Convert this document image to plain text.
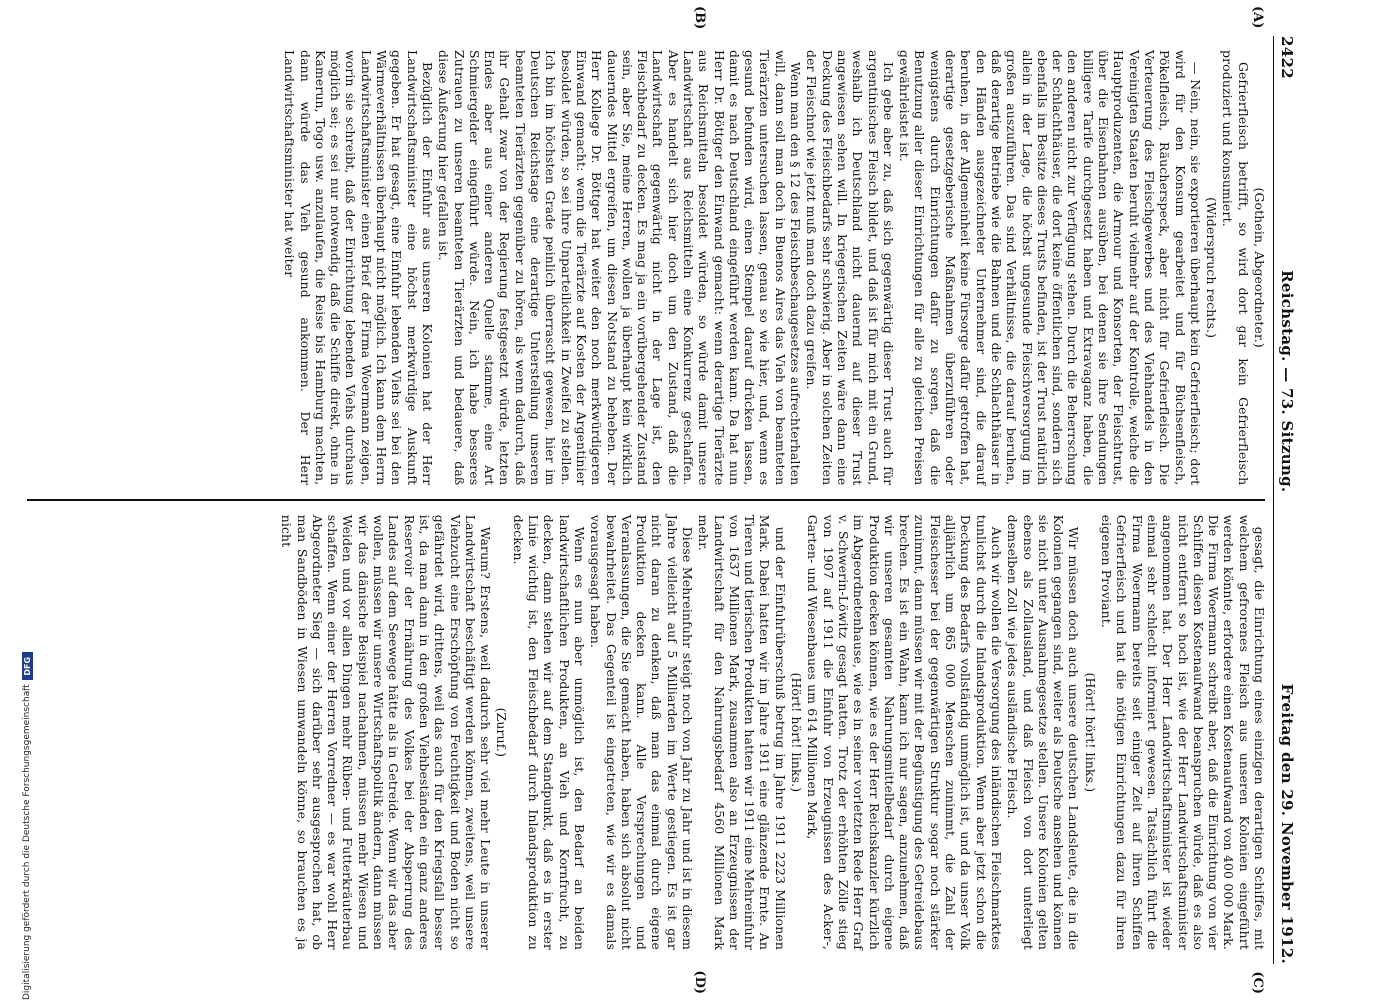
2422
Reichstag. — 73. Sitzung.
Freitag den 29. November 1912.
(A)
(B)
(C)
(D)

(Gothein, Abgeordneter.)

Gefrierfleisch betrifft, so wird dort gar kein Gefrierfleisch produziert und konsumiert.

(Widerspruch rechts.)

— Nein, nein, sie exportieren überhaupt kein Gefrierfleisch; dort wird für den Konsum gearbeitet und für Büchsenfleisch, Pökelfleisch, Räucherspeck, aber nicht für Gefrierfleisch. Die Verteuerung des Fleischgewerbes und des Viehhandels in den Vereinigten Staaten beruht vielmehr auf der Kontrolle, welche die Hauptproduzenten, die Armour und Konsorten, der Fleischtrust, über die Eisenbahnen ausüben, bei denen sie ihre Sendungen billigere Tarife durchgesetzt haben und Extravaganz haben, die den anderen nicht zur Verfügung stehen. Durch die Beherrschung der Schlachthäuser, die dort keine öffentlichen sind, sondern sich ebenfalls im Besitze dieses Trusts befinden, ist der Trust natürlich allein in der Lage, die höchst ungesunde Fleischversorgung im großen auszuführen. Das sind Verhältnisse, die darauf beruhen, daß derartige Betriebe wie die Bahnen und die Schlachthäuser in den Händen ausgezeichneter Unternehmer sind, die darauf beruhen, in der Allgemeinheit keine Fürsorge dafür getroffen hat, derartige gesetzgeberische Maßnahmen überzuführen oder wenigstens durch Einrichtungen dafür zu sorgen, daß die Benutzung aller dieser Einrichtungen für alle zu gleichen Preisen gewährleistet ist.

Ich gebe aber zu, daß sich gegenwärtig dieser Trust auch für argentinisches Fleisch bildet, und daß ist für mich mit ein Grund, weshalb ich Deutschland nicht dauernd auf dieser Trust angewiesen sehen will. In kriegerischen Zeiten wäre dann eine Deckung des Fleischbedarfs sehr schwierig. Aber in solchen Zeiten der Fleischnot wie jetzt muß man doch dazu greifen.

Wenn man den § 12 des Fleischbeschaugesetzes aufrechterhalten will, dann soll man doch in Buenos Aires das Vieh von beamteten Tierärzten untersuchen lassen, genau so wie hier, und, wenn es gesund befunden wird, einen Stempel darauf drücken lassen, damit es nach Deutschland eingeführt werden kann. Da hat nun Herr Dr. Böttger den Einwand gemacht: wenn derartige Tierärzte aus Reichsmitteln besoldet würden, so würde damit unsere Landwirtschaft aus Reichsmitteln eine Konkurrenz geschaffen. Aber es handelt sich hier doch um den Zustand, daß die Landwirtschaft gegenwärtig nicht in der Lage ist, den Fleischbedarf zu decken. Es mag ja ein vorübergehender Zustand sein, aber Sie, meine Herren, wollen ja überhaupt kein wirklich dauerndes Mittel ergreifen, um diesen Notstand zu beheben. Der Herr Kollege Dr. Böttger hat weiter den noch merkwürdigeren Einwand gemacht: wenn die Tierärzte auf Kosten der Argentinier besoldet würden, so sei ihre Unparteilichkeit in Zweifel zu stellen. Ich bin im höchsten Grade peinlich überrascht gewesen, hier im Deutschen Reichstage eine derartige Unterstellung unseren beamteten Tierärzten gegenüber zu hören, als wenn dadurch, daß ihr Gehalt zwar von der Regierung festgesetzt würde, letzten Endes aber aus einer anderen Quelle stamme, eine Art Schmiergelder eingeführt würde. Nein, ich habe besseres Zutrauen zu unseren beamteten Tierärzten und bedauere, daß diese Äußerung hier gefallen ist.

Bezüglich der Einfuhr aus unseren Kolonien hat der Herr Landwirtschaftsminister eine höchst merkwürdige Auskunft gegeben. Er hat gesagt, eine Einfuhr lebenden Viehs sei bei den Wärmeverhältnissen überhaupt nicht möglich. Ich kann dem Herrn Landwirtschaftsminister einen Brief der Firma Woermann zeigen, worin sie schreibt, daß der Einrichtung lebenden Viehs durchaus möglich sei; es sei nur notwendig, daß die Schiffe direkt, ohne in Kamerun, Togo usw. anzulaufen, die Reise bis Hamburg machten, dann würde das Vieh gesund ankommen. Der Herr Landwirtschaftsminister hat weiter

gesagt, die Einrichtung eines einzigen derartigen Schiffes, mit welchem gefrorenes Fleisch aus unseren Kolonien eingeführt werden könnte, erfordere einen Kostenaufwand von 400 000 Mark. Die Firma Woermann schreibt aber, daß die Einrichtung von vier Schiffen diesen Kostenaufwand beanspruchen würde, daß es also nicht entfernt so hoch ist, wie der Herr Landwirtschaftsminister angenommen hat. Der Herr Landwirtschaftsminister ist wieder einmal sehr schlecht informiert gewesen. Tatsächlich führt die Firma Woermann bereits seit einiger Zeit auf ihren Schiffen Gefrierfleisch und hat die nötigen Einrichtungen dazu für ihren eigenen Proviant.

(Hört! hört! links.)

Wir müssen doch auch unsere deutschen Landsleute, die in die Kolonien gegangen sind, weiter als Deutsche ansehen und können sie nicht unter Ausnahmegesetze stellen. Unsere Kolonien gelten ebenso als Zollausland, und daß Fleisch von dort unterliegt demselben Zoll wie jedes ausländische Fleisch.

Auch wir wollen die Versorgung des inländischen Fleischmarktes tunlichst durch die Inlandsproduktion. Wenn aber jetzt schon die Deckung des Bedarfs vollständig unmöglich ist, und da unser Volk alljährlich um 865 000 Menschen zunimmt, die Zahl der Fleischesser bei der gegenwärtigen Struktur sogar noch stärker zunimmt, dann müssen wir mit der Begünstigung des Getreidebaus brechen. Es ist ein Wahn, kann ich nur sagen, anzunehmen, daß wir unseren gesamten Nahrungsmittelbedarf durch eigene Produktion decken können, wie es der Herr Reichskanzler kürzlich im Abgeordnetenhause, wie es in seiner vorletzten Rede Herr Graf v. Schwerin-Löwitz gesagt hatten. Trotz der erhöhten Zölle stieg von 1907 auf 1911 die Einfuhr von Erzeugnissen des Acker-, Garten- und Wiesenbaues um 614 Millionen Mark,

(Hört! hört! links.)

und der Einfuhrüberschuß betrug im Jahre 1911 2223 Millionen Mark. Dabei hatten wir im Jahre 1911 eine glänzende Ernte. An Tieren und tierischen Produkten hatten wir 1911 eine Mehreinfuhr von 1637 Millionen Mark, zusammen also an Erzeugnissen der Landwirtschaft für den Nahrungsbedarf 4560 Millionen Mark mehr.

Diese Mehreinfuhr steigt noch von Jahr zu Jahr und ist in diesem Jahre vielleicht auf 5 Milliarden im Werte gestiegen. Es ist gar nicht daran zu denken, daß man das einmal durch eigene Produktion decken kann. Alle Versprechungen und Veranlassungen, die Sie gemacht haben, haben sich absolut nicht bewahrheitet. Das Gegenteil ist eingetreten, wie wir es damals vorausgesagt haben.

Wenn es nun aber unmöglich ist, den Bedarf an beiden landwirtschaftlichen Produkten, an Vieh und Kornfrucht, zu decken, dann stehen wir auf dem Standpunkt, daß es in erster Linie wichtig ist, den Fleischbedarf durch Inlandsproduktion zu decken.

(Zuruf.)

Warum? Erstens, weil dadurch sehr viel mehr Leute in unserer Landwirtschaft beschäftigt werden können, zweitens, weil unsere Viehzucht eine Erschöpfung von Feuchtigkeit und Boden nicht so gefährdet wird, drittens, weil das auch für den Kriegsfall besser ist, da man dann in den großen Viehbeständen ein ganz anderes Reservoir der Ernährung des Volkes bei der Absperrung des Landes auf dem Seewege hätte als in Getreide. Wenn wir das aber wollen, müssen wir unsere Wirtschaftspolitik ändern, dann müssen wir das dänische Beispiel nachahmen, müssen mehr Wiesen und Weiden und vor allen Dingen mehr Rüben- und Futterkräuterbau schaffen. Wenn einer der Herren Vorredner — es war wohl Herr Abgeordneter Sieg — sich darüber sehr ausgesprochen hat, ob man Sandböden in Wiesen umwandeln könne, so brauchen es ja nicht

Digitalisierung gefördert durch die Deutsche Forschungsgemeinschaft
DFG
